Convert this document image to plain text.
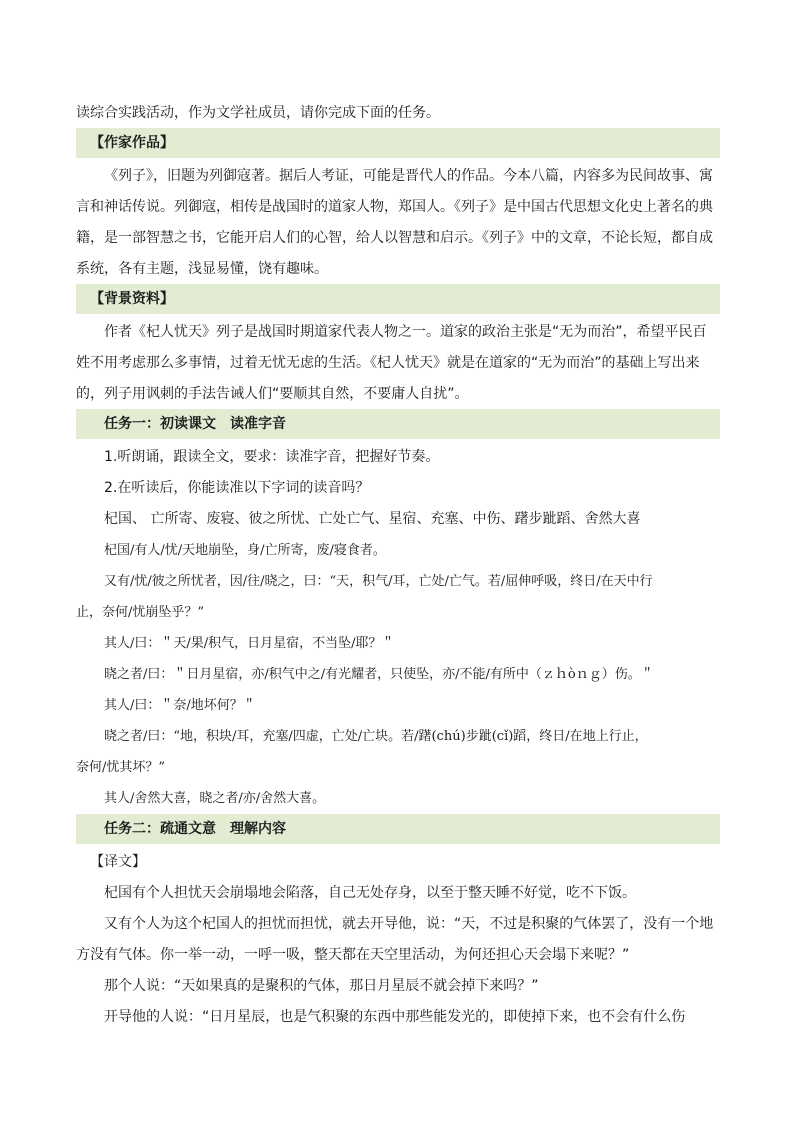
读综合实践活动，作为文学社成员，请你完成下面的任务。
【作家作品】
《列子》，旧题为列御寇著。据后人考证，可能是晋代人的作品。今本八篇，内容多为民间故事、寓
言和神话传说。列御寇，相传是战国时的道家人物，郑国人。《列子》是中国古代思想文化史上著名的典
籍，是一部智慧之书，它能开启人们的心智，给人以智慧和启示。《列子》中的文章，不论长短，都自成
系统，各有主题，浅显易懂，饶有趣味。
【背景资料】
作者《杞人忧天》列子是战国时期道家代表人物之一。道家的政治主张是“无为而治”，希望平民百
姓不用考虑那么多事情，过着无忧无虑的生活。《杞人忧天》就是在道家的“无为而治”的基础上写出来
的，列子用讽刺的手法告诫人们“要顺其自然，不要庸人自扰”。
任务一：初读课文　读准字音
1.听朗诵，跟读全文，要求：读准字音，把握好节奏。
2.在听读后，你能读准以下字词的读音吗？
杞国、 亡所寄、废寝、彼之所忧、亡处亡气、星宿、充塞、中伤、躇步跐蹈、舍然大喜
杞国/有人/忧/天地崩坠，身/亡所寄，废/寝食者。
又有/忧/彼之所忧者，因/往/晓之，曰：“天，积气/耳，亡处/亡气。若/屈伸呼吸，终日/在天中行
止，奈何/忧崩坠乎？”
其人/曰：＂天/果/积气，日月星宿，不当坠/耶？＂
晓之者/曰：＂日月星宿，亦/积气中之/有光耀者，只使坠，亦/不能/有所中（ｚｈòｎｇ）伤。＂
其人/曰：＂奈/地坏何？＂
晓之者/曰：“地，积块/耳，充塞/四虚，亡处/亡块。若/躇(chú)步跐(cǐ)蹈，终日/在地上行止，
奈何/忧其坏？”
其人/舍然大喜，晓之者/亦/舍然大喜。
任务二：疏通文意　理解内容
【译文】
杞国有个人担忧天会崩塌地会陷落，自己无处存身，以至于整天睡不好觉，吃不下饭。
又有个人为这个杞国人的担忧而担忧，就去开导他，说：“天，不过是积聚的气体罢了，没有一个地
方没有气体。你一举一动，一呼一吸，整天都在天空里活动，为何还担心天会塌下来呢？”
那个人说：“天如果真的是聚积的气体，那日月星辰不就会掉下来吗？”
开导他的人说：“日月星辰，也是气积聚的东西中那些能发光的，即使掉下来，也不会有什么伤
